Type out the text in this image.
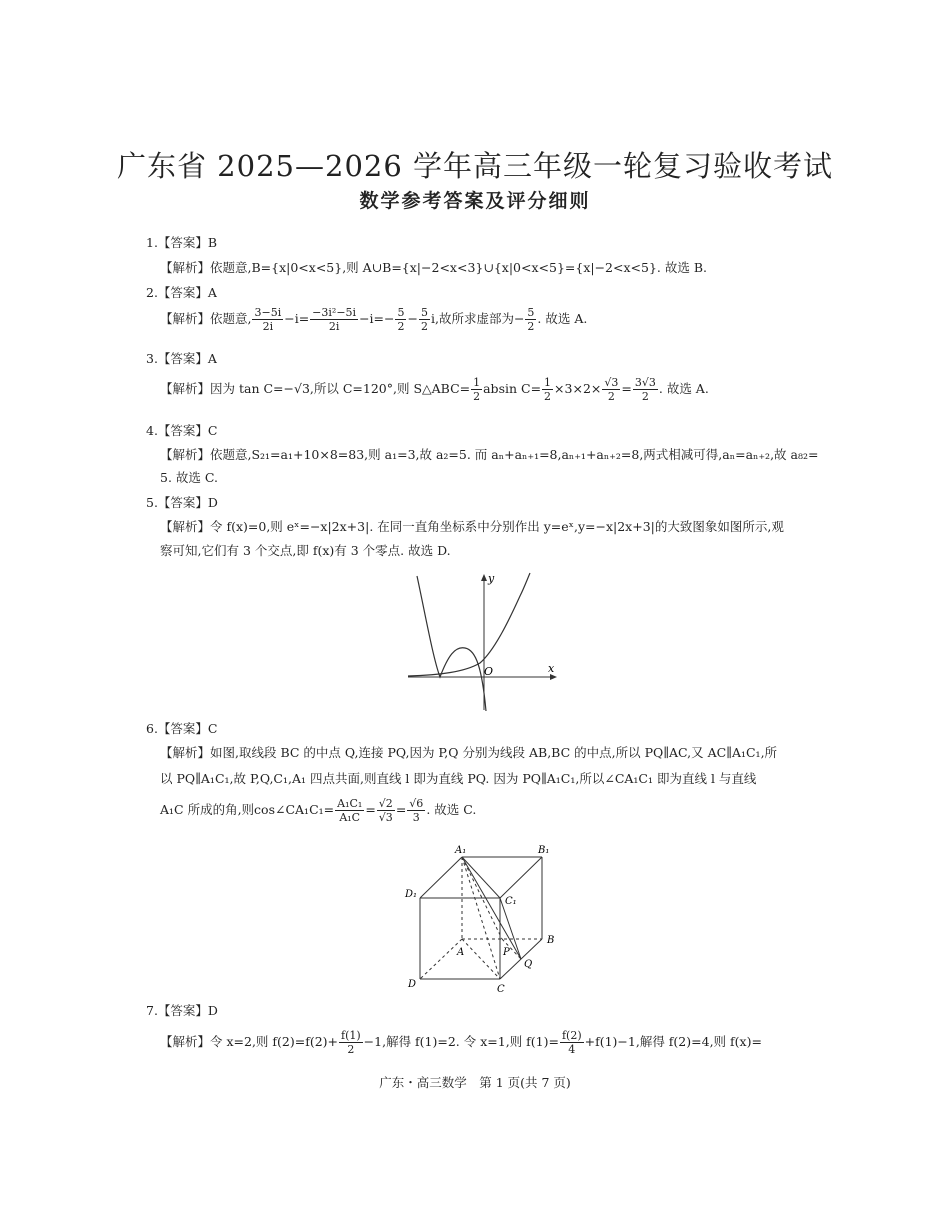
广东省 2025—2026 学年高三年级一轮复习验收考试
数学参考答案及评分细则
1.【答案】B
【解析】依题意,B={x|0<x<5},则 A∪B={x|−2<x<3}∪{x|0<x<5}={x|−2<x<5}. 故选 B.
2.【答案】A
【解析】依题意, $\frac{3-5i}{2i} -i= \frac{\text{−3i²−5i}}{2i} -i=- \frac{5}{2} - \frac{5}{2} i$,故所求虚部为− $\frac{5}{2}$ . 故选 A.
3.【答案】A
【解析】因为 tan C=−√3,所以 C=120°,则 S△ABC= $\frac{1}{2}$ absin $C= \frac{1}{2} \times 3\times 2\times \frac{√3}{2} = \frac{3√3}{2}$ . 故选 A.
4.【答案】C
【解析】依题意,S₂₁=a₁+10×8=83,则 a₁=3,故 a₂=5. 而 aₙ+aₙ₊₁=8,aₙ₊₁+aₙ₊₂=8,两式相减可得,aₙ=aₙ₊₂,故 a₈₂=
5. 故选 C.
5.【答案】D
【解析】令 f(x)=0,则 eˣ=−x|2x+3|. 在同一直角坐标系中分别作出 y=eˣ,y=−x|2x+3|的大致图象如图所示,观
察可知,它们有 3 个交点,即 f(x)有 3 个零点. 故选 D.
y
x
O
6.【答案】C
【解析】如图,取线段 BC 的中点 Q,连接 PQ,因为 P,Q 分别为线段 AB,BC 的中点,所以 PQ∥AC,又 AC∥A₁C₁,所
以 PQ∥A₁C₁,故 P,Q,C₁,A₁ 四点共面,则直线 l 即为直线 PQ. 因为 PQ∥A₁C₁,所以∠CA₁C₁ 即为直线 l 与直线
A₁C 所成的角,则cos∠CA₁C₁= $\frac{\text{A₁C₁}}{\text{A₁C}} = \frac{√2}{√3} = \frac{√6}{3}$ . 故选 C.
A₁	B₁
D₁
C₁
A
B
P
Q
D	C
7.【答案】D
【解析】令 x=2,则 $f(2)=f(2)+ \frac{f(1)}{2} -1$,解得 f(1)=2. 令 x=1,则 $f(1)= \frac{f(2)}{4} +f(1)-1$,解得 f(2)=4,则 f(x)=
广东・高三数学　第 1 页(共 7 页)
